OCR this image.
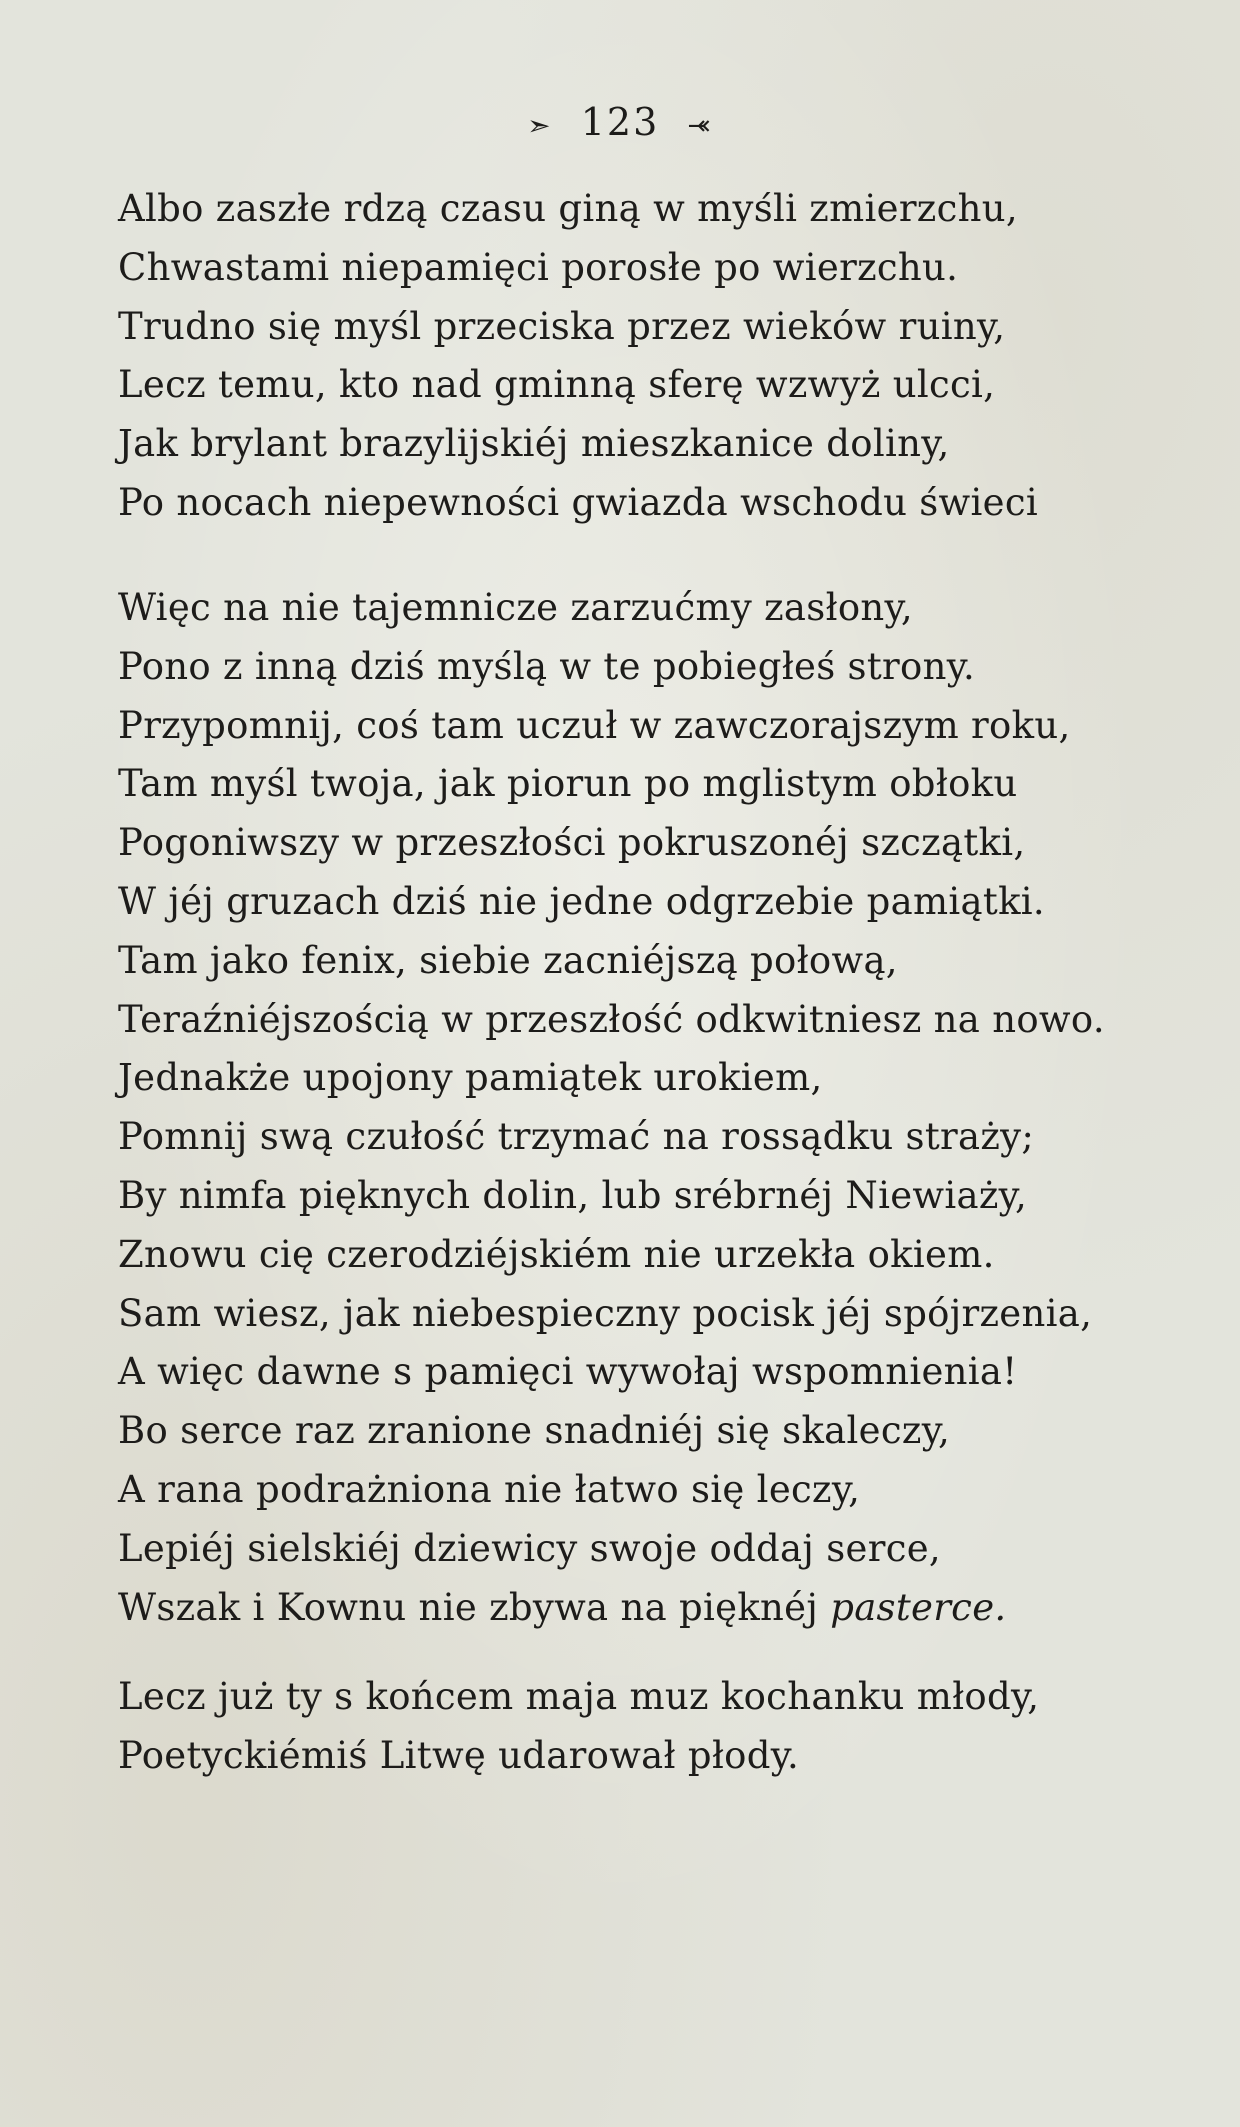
➣ 123 ⤛
Albo zaszłe rdzą czasu giną w myśli zmierzchu,
Chwastami niepamięci porosłe po wierzchu.
Trudno się myśl przeciska przez wieków ruiny,
Lecz temu, kto nad gminną sferę wzwyż ulcci,
Jak brylant brazylijskiéj mieszkanice doliny,
Po nocach niepewności gwiazda wschodu świeci
Więc na nie tajemnicze zarzućmy zasłony,
Pono z inną dziś myślą w te pobiegłeś strony.
Przypomnij, coś tam uczuł w zawczorajszym roku,
Tam myśl twoja, jak piorun po mglistym obłoku
Pogoniwszy w przeszłości pokruszonéj szczątki,
W jéj gruzach dziś nie jedne odgrzebie pamiątki.
Tam jako fenix, siebie zacniéjszą połową,
Teraźniéjszością w przeszłość odkwitniesz na nowo.
Jednakże upojony pamiątek urokiem,
Pomnij swą czułość trzymać na rossądku straży;
By nimfa pięknych dolin, lub srébrnéj Niewiaży,
Znowu cię czerodziéjskiém nie urzekła okiem.
Sam wiesz, jak niebespieczny pocisk jéj spójrzenia,
A więc dawne s pamięci wywołaj wspomnienia!
Bo serce raz zranione snadniéj się skaleczy,
A rana podrażniona nie łatwo się leczy,
Lepiéj sielskiéj dziewicy swoje oddaj serce,
Wszak i Kownu nie zbywa na pięknéj pasterce.
Lecz już ty s końcem maja muz kochanku młody,
Poetyckiémiś Litwę udarował płody.
